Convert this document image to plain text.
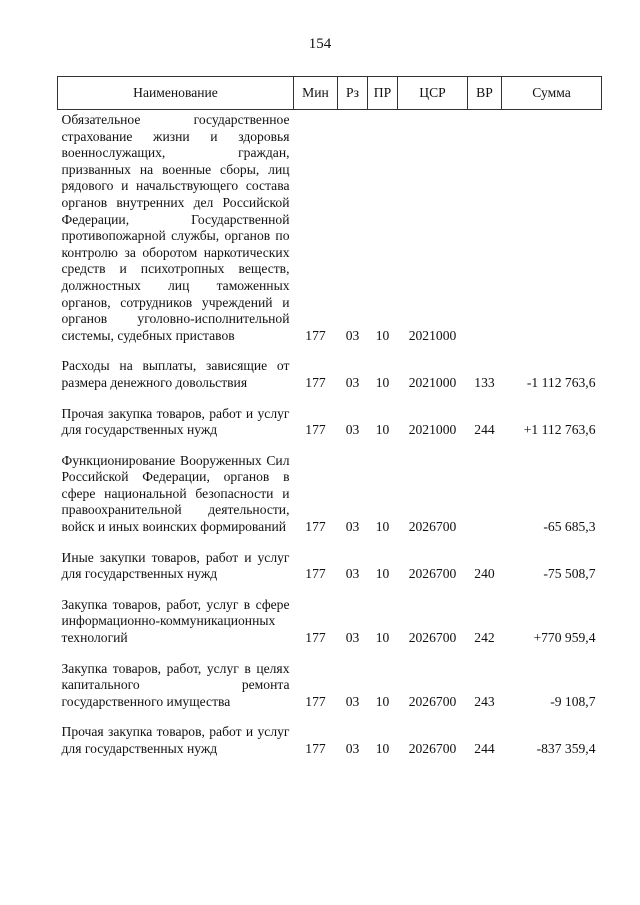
154
Наименование	Мин	Рз	ПР	ЦСР	ВР	Сумма
Обязательное государственное страхование жизни и здоровья военнослужащих, граждан, призванных на военные сборы, лиц рядового и начальствующего состава органов внутренних дел Российской Федерации, Государственной противопожарной службы, органов по контролю за оборотом наркотических средств и психотропных веществ, должностных лиц таможенных органов, сотрудников учреждений и органов уголовно-исполнительной системы, судебных приставов	177	03	10	2021000		
Расходы на выплаты, зависящие от размера денежного довольствия	177	03	10	2021000	133	-1 112 763,6
Прочая закупка товаров, работ и услуг для государственных нужд	177	03	10	2021000	244	+1 112 763,6
Функционирование Вооруженных Сил Российской Федерации, органов в сфере национальной безопасности и правоохранительной деятельности, войск и иных воинских формирований	177	03	10	2026700		-65 685,3
Иные закупки товаров, работ и услуг для государственных нужд	177	03	10	2026700	240	-75 508,7
Закупка товаров, работ, услуг в сфере информационно-коммуникационных технологий	177	03	10	2026700	242	+770 959,4
Закупка товаров, работ, услуг в целях капитального ремонта государственного имущества	177	03	10	2026700	243	-9 108,7
Прочая закупка товаров, работ и услуг для государственных нужд	177	03	10	2026700	244	-837 359,4
